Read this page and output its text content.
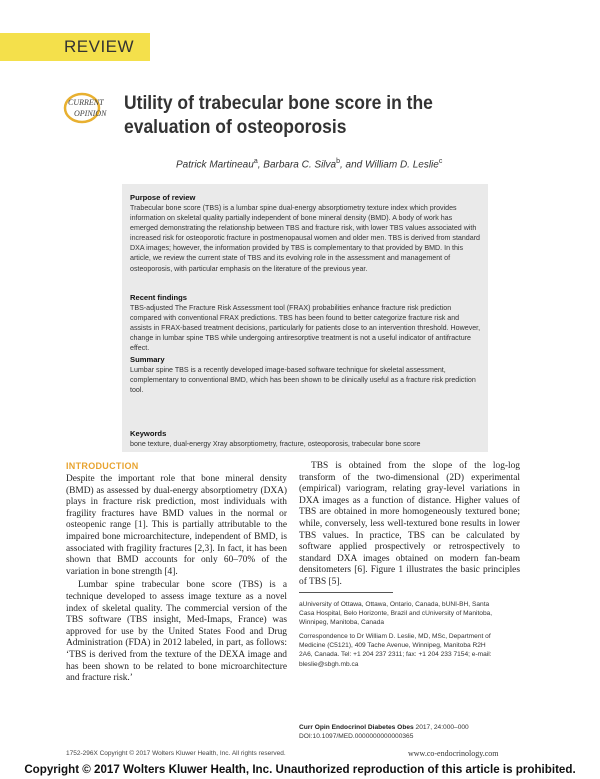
REVIEW
CURRENT
OPINION Utility of trabecular bone score in the evaluation of osteoporosis
Patrick Martineau$^a$, Barbara C. Silva$^b$, and William D. Leslie$^c$
Purpose of review

Trabecular bone score (TBS) is a lumbar spine dual-energy absorptiometry texture index which provides information on skeletal quality partially independent of bone mineral density (BMD). A body of work has emerged demonstrating the relationship between TBS and fracture risk, with lower TBS values associated with increased risk for osteoporotic fracture in postmenopausal women and older men. TBS is derived from standard DXA images; however, the information provided by TBS is complementary to that provided by BMD. In this article, we review the current state of TBS and its evolving role in the assessment and management of osteoporosis, with particular emphasis on the literature of the previous year.

Recent findings

TBS-adjusted The Fracture Risk Assessment tool (FRAX) probabilities enhance fracture risk prediction compared with conventional FRAX predictions. TBS has been found to better categorize fracture risk and assists in FRAX-based treatment decisions, particularly for patients close to an intervention threshold. However, change in lumbar spine TBS while undergoing antiresorptive treatment is not a useful indicator of antifracture effect.

Summary

Lumbar spine TBS is a recently developed image-based software technique for skeletal assessment, complementary to conventional BMD, which has been shown to be clinically useful as a fracture risk prediction tool.

Keywords

bone texture, dual-energy Xray absorptiometry, fracture, osteoporosis, trabecular bone score

INTRODUCTION

Despite the important role that bone mineral density (BMD) as assessed by dual-energy absorptiometry (DXA) plays in fracture risk prediction, most individuals with fragility fractures have BMD values in the normal or osteopenic range [1]. This is partially attributable to the impaired bone microarchitecture, independent of BMD, is associated with fragility fractures [2,3]. In fact, it has been shown that BMD accounts for only 60–70% of the variation in bone strength [4].

Lumbar spine trabecular bone score (TBS) is a technique developed to assess image texture as a novel index of skeletal quality. The commercial version of the TBS software (TBS insight, Med-Imaps, France) was approved for use by the United States Food and Drug Administration (FDA) in 2012 labeled, in part, as follows: ‘TBS is derived from the texture of the DEXA image and has been shown to be related to bone microarchitecture and fracture risk.’

TBS is obtained from the slope of the log-log transform of the two-dimensional (2D) experimental (empirical) variogram, relating gray-level variations in DXA images as a function of distance. Higher values of TBS are obtained in more homogeneously textured bone; while, conversely, less well-textured bone results in lower TBS values. In practice, TBS can be calculated by software applied prospectively or retrospectively to standard DXA images obtained on modern fan-beam densitometers [6]. Figure 1 illustrates the basic principles of TBS [5].

aUniversity of Ottawa, Ottawa, Ontario, Canada, bUNI-BH, Santa Casa Hospital, Belo Horizonte, Brazil and cUniversity of Manitoba, Winnipeg, Manitoba, Canada

Correspondence to Dr William D. Leslie, MD, MSc, Department of Medicine (C5121), 409 Tache Avenue, Winnipeg, Manitoba R2H 2A6, Canada. Tel: +1 204 237 2311; fax: +1 204 233 7154; e-mail: bleslie@sbgh.mb.ca

Curr Opin Endocrinol Diabetes Obes 2017, 24:000–000
DOI:10.1097/MED.0000000000000365
1752-296X Copyright © 2017 Wolters Kluwer Health, Inc. All rights reserved.	www.co-endocrinology.com
Copyright © 2017 Wolters Kluwer Health, Inc. Unauthorized reproduction of this article is prohibited.
